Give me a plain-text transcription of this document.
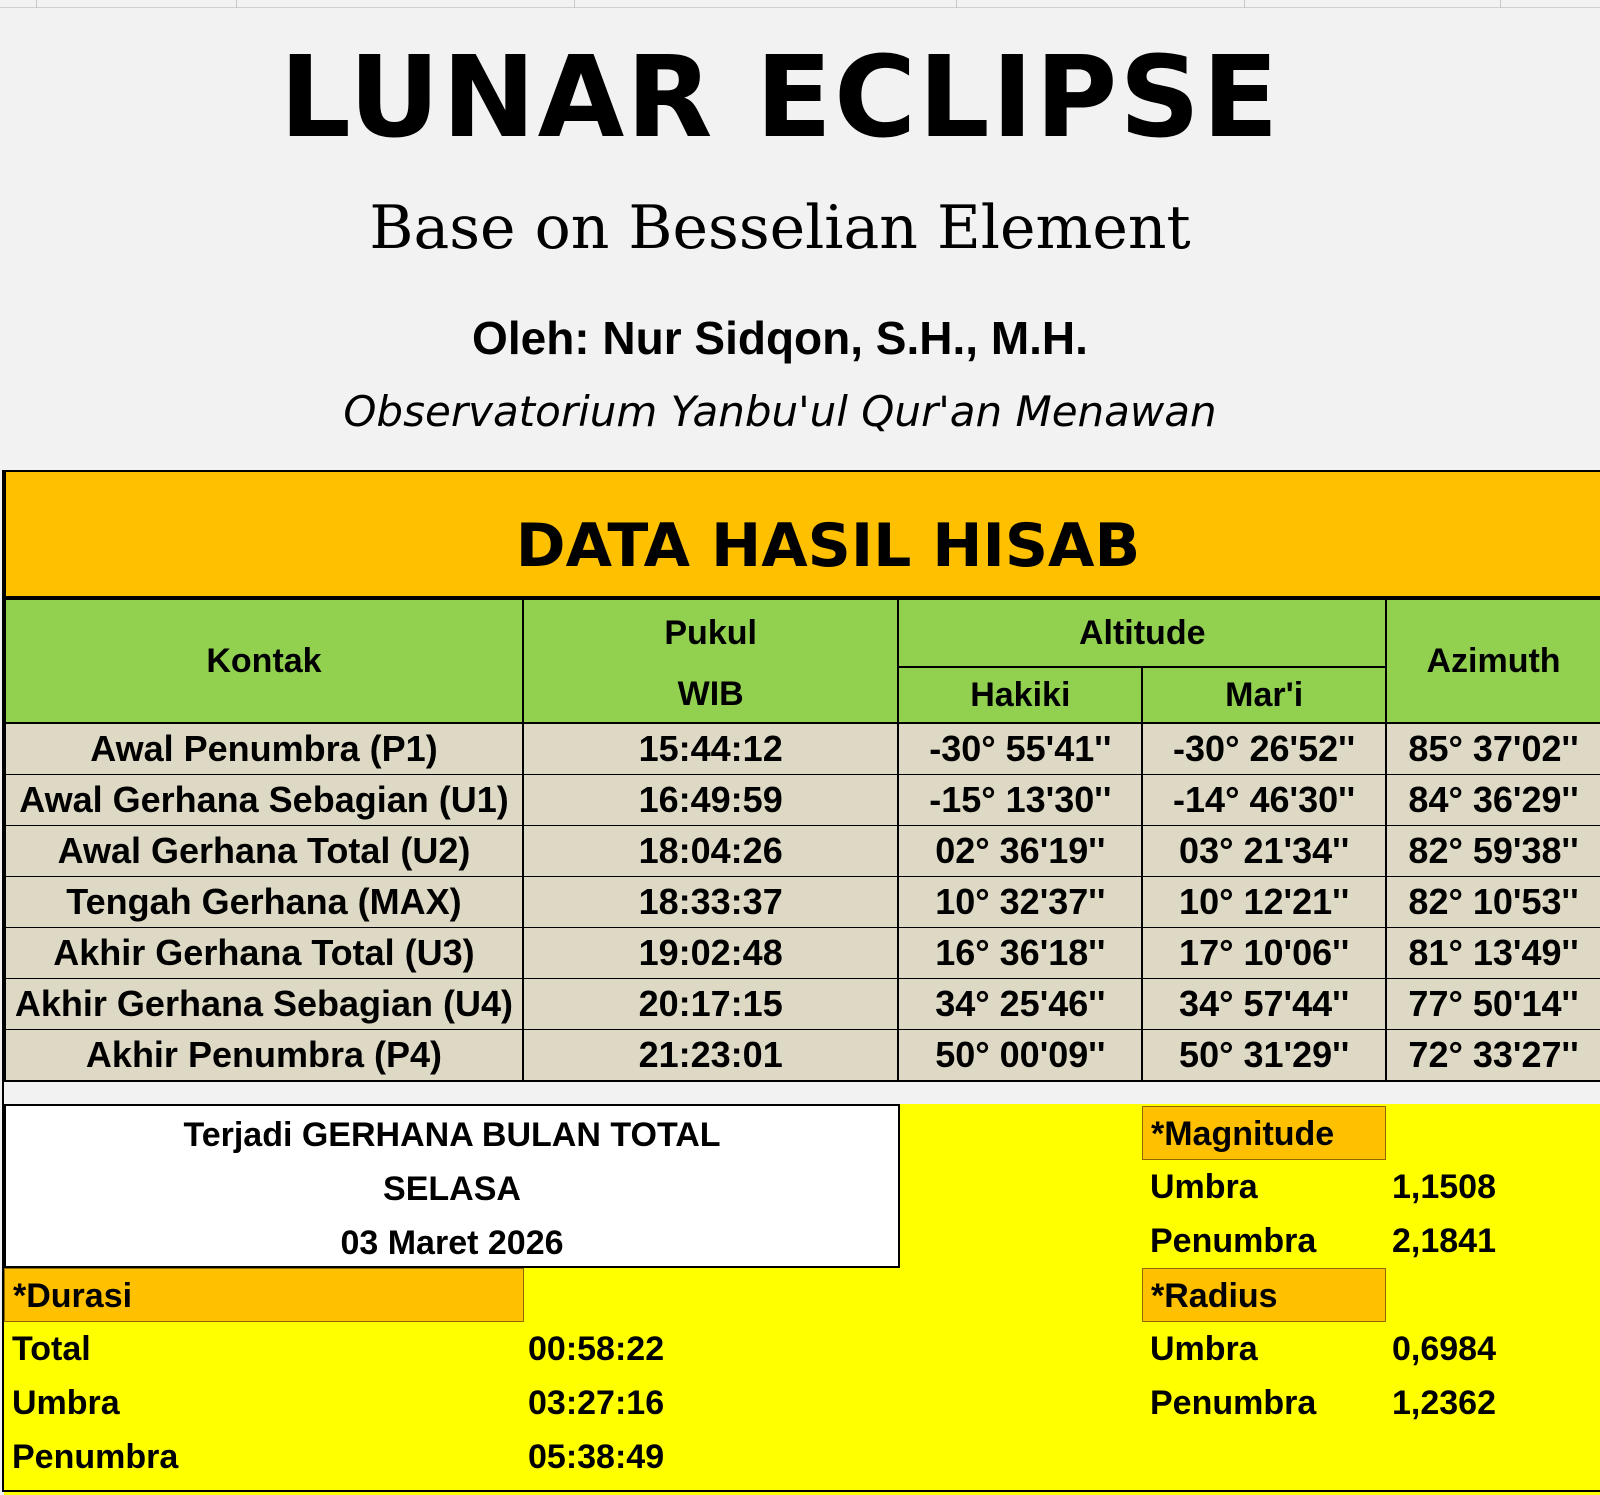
LUNAR ECLIPSE
Base on Besselian Element
Oleh: Nur Sidqon, S.H., M.H.
Observatorium Yanbu'ul Qur'an Menawan
DATA HASIL HISAB
Kontak	Pukul	Altitude		Azimuth
	WIB	Hakiki	Mar'i	
Awal Penumbra (P1)	15:44:12	-30° 55'41''	-30° 26'52''	85° 37'02''
Awal Gerhana Sebagian (U1)	16:49:59	-15° 13'30''	-14° 46'30''	84° 36'29''
Awal Gerhana Total (U2)	18:04:26	02° 36'19''	03° 21'34''	82° 59'38''
Tengah Gerhana (MAX)	18:33:37	10° 32'37''	10° 12'21''	82° 10'53''
Akhir Gerhana Total (U3)	19:02:48	16° 36'18''	17° 10'06''	81° 13'49''
Akhir Gerhana Sebagian (U4)	20:17:15	34° 25'46''	34° 57'44''	77° 50'14''
Akhir Penumbra (P4)	21:23:01	50° 00'09''	50° 31'29''	72° 33'27''
Terjadi GERHANA BULAN TOTAL
SELASA
03 Maret 2026
*Durasi
Total	00:58:22
Umbra	03:27:16
Penumbra	05:38:49
*Magnitude
Umbra	1,1508
Penumbra 2,1841
*Radius
Umbra	0,6984
Penumbra 1,2362
